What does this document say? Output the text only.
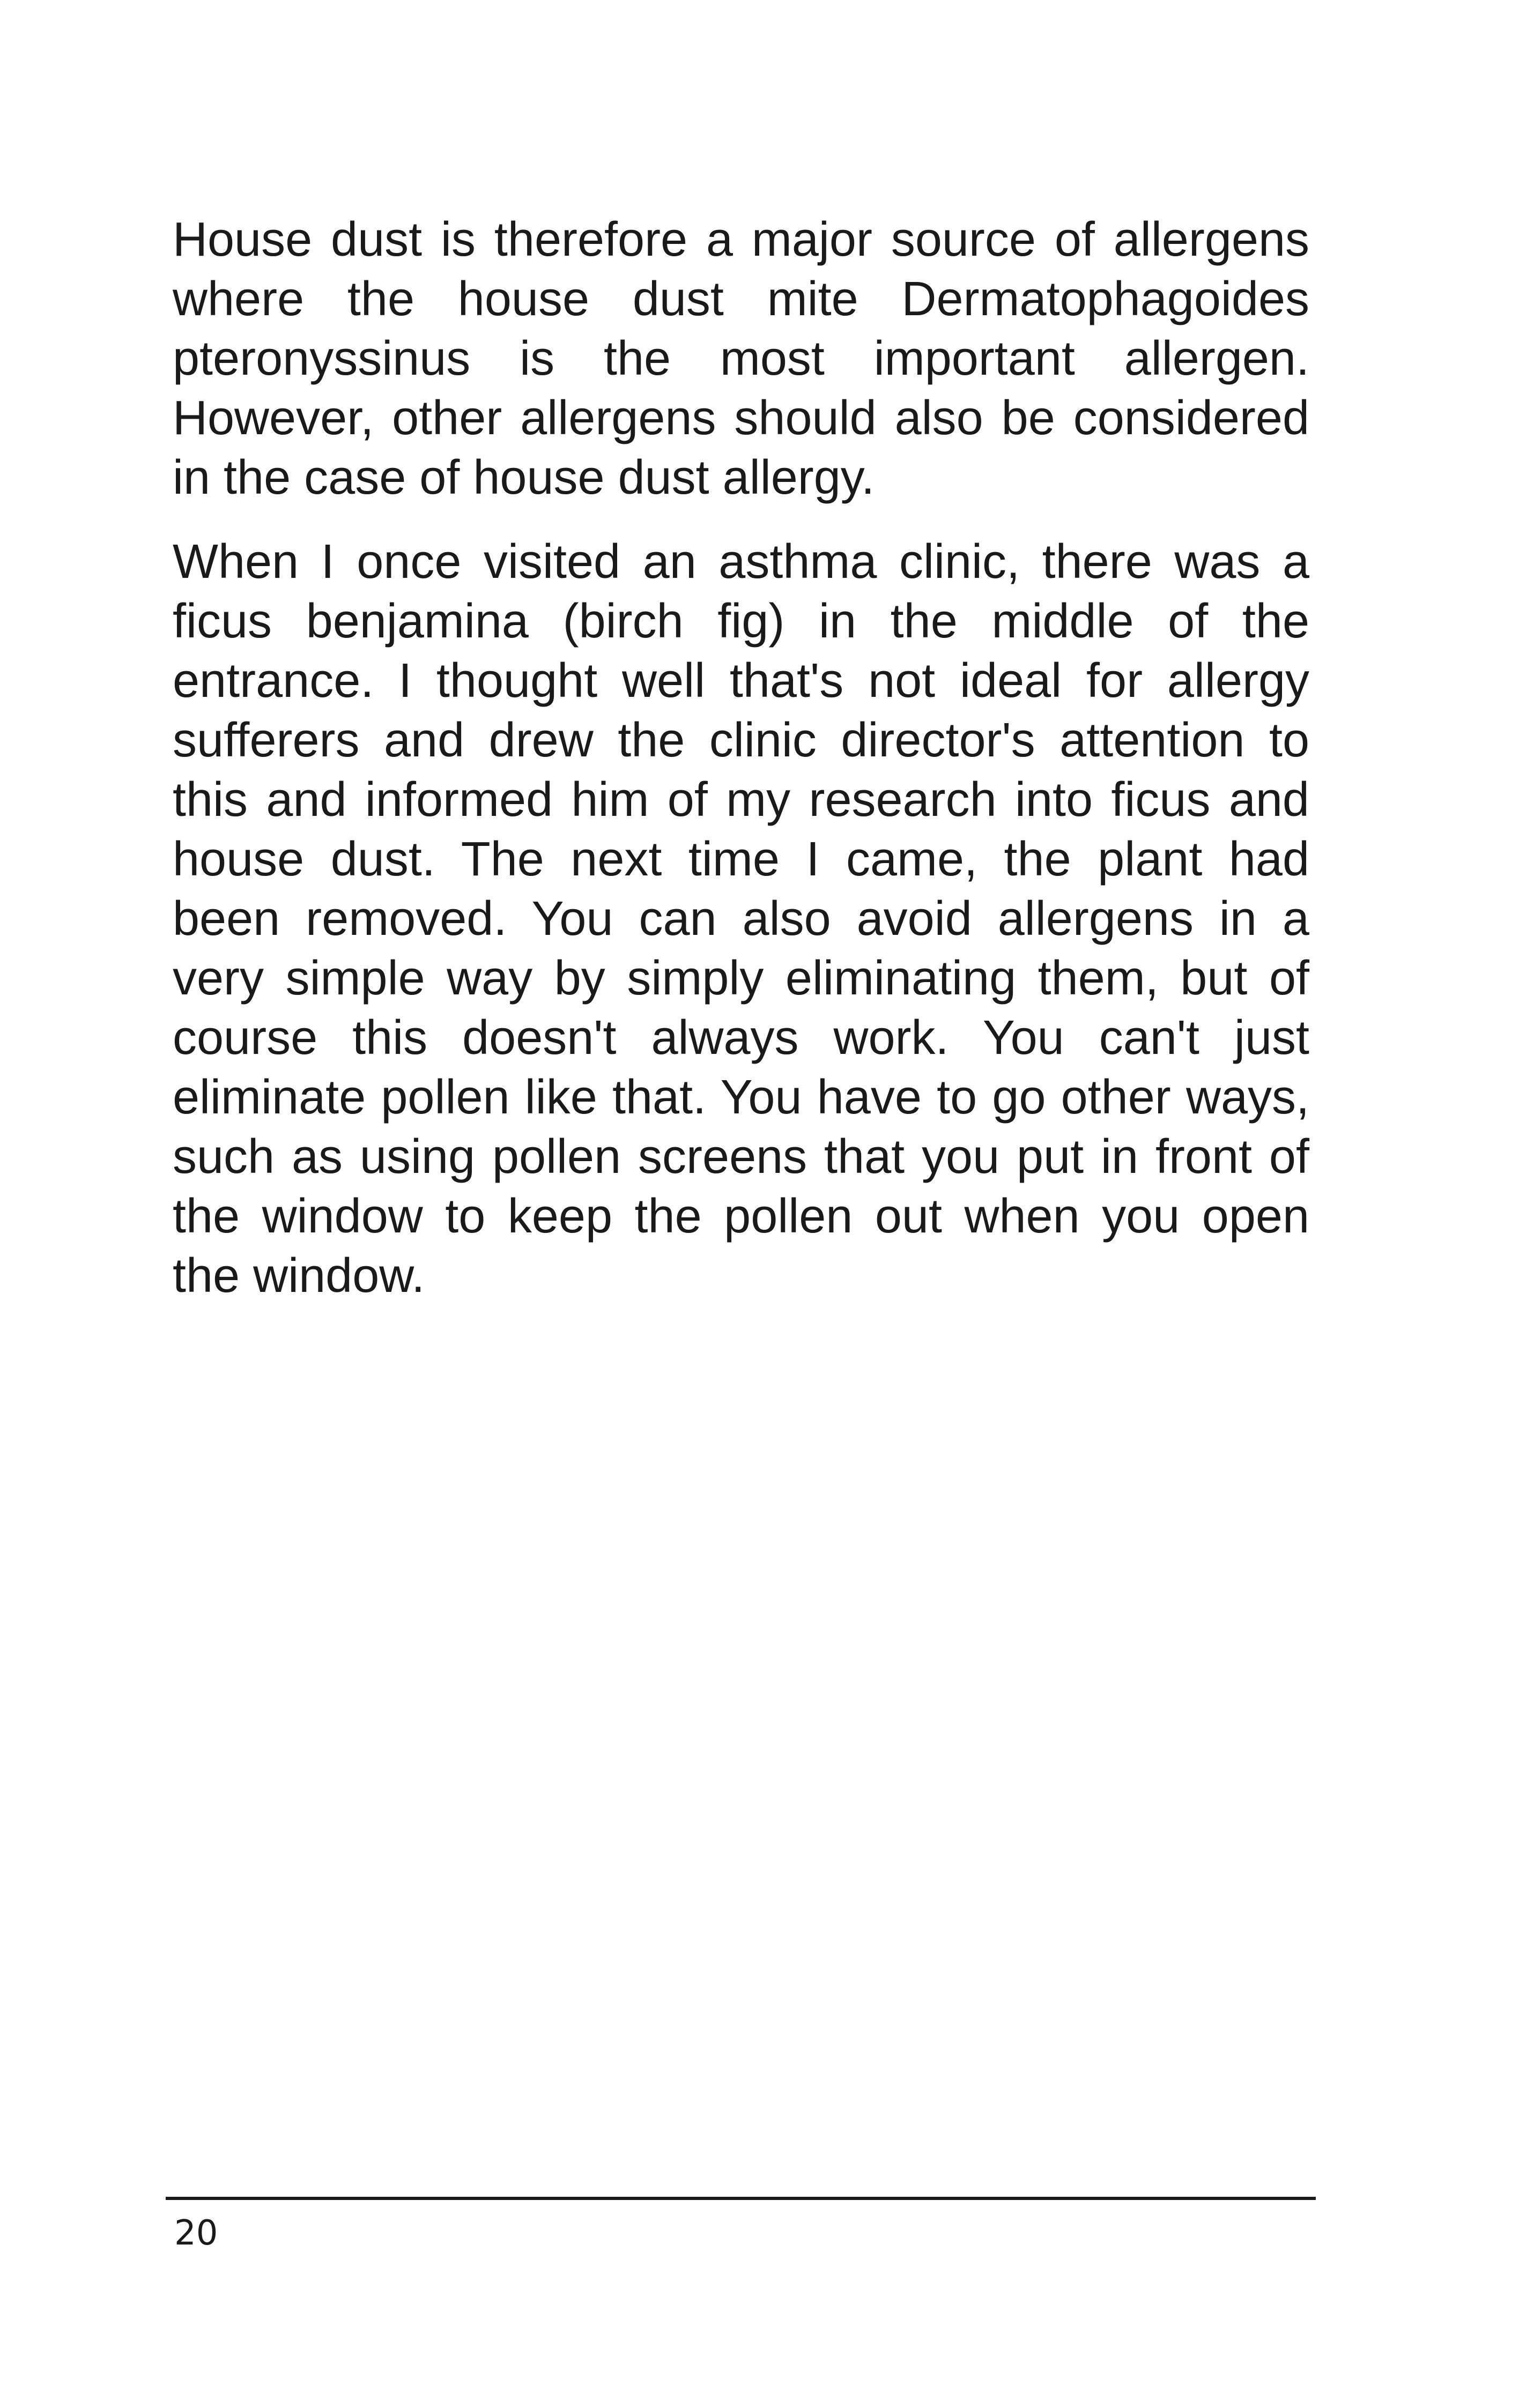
House dust is therefore a major source of allergens where the house dust mite Dermatophagoides pteronyssinus is the most important allergen. However, other allergens should also be considered in the case of house dust allergy.

When I once visited an asthma clinic, there was a ficus benjamina (birch fig) in the middle of the entrance. I thought well that's not ideal for allergy sufferers and drew the clinic director's attention to this and informed him of my research into ficus and house dust. The next time I came, the plant had been removed. You can also avoid allergens in a very simple way by simply eliminating them, but of course this doesn't always work. You can't just eliminate pollen like that. You have to go other ways, such as using pollen screens that you put in front of the window to keep the pollen out when you open the window.

20
